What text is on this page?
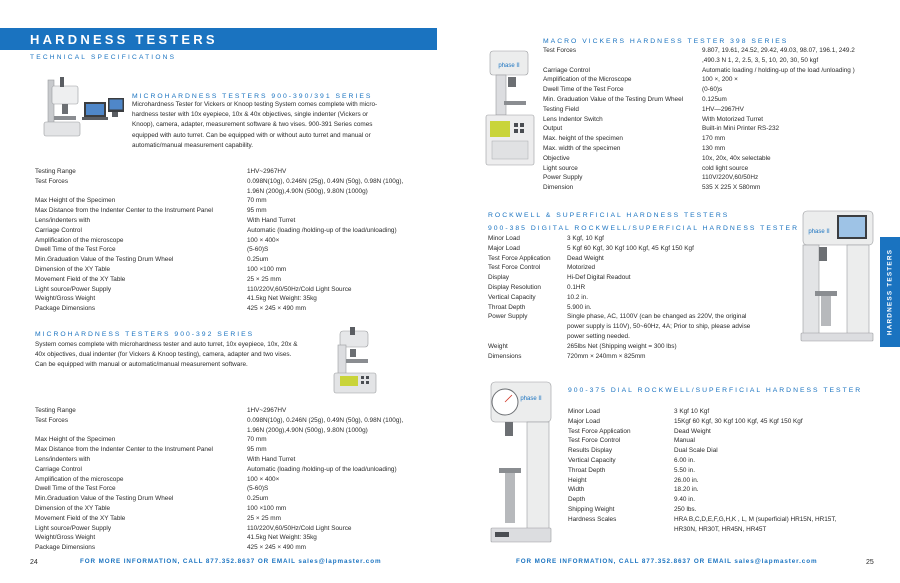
HARDNESS TESTERS
TECHNICAL SPECIFICATIONS
MICROHARDNESS TESTERS 900-390/391 SERIES
Microhardness Tester for Vickers or Knoop testing System comes complete with micro-
hardness tester with 10x eyepiece, 10x & 40x objectives, single indenter (Vickers or
Knoop), camera, adapter, measurement software & two vises. 900-391 Series comes
equipped with auto turret. Can be equipped with or without auto turret and manual or
automatic/manual measurement capability.
Testing Range	1HV~2967HV
Test Forces	0.098N(10g), 0.246N (25g), 0.49N (50g), 0.98N (100g),
1.96N (200g),4.90N (500g), 9.80N (1000g)
Max Height of the Specimen	70 mm
Max Distance from the Indenter Center to the Instrument Panel	95 mm
Lens/indenters with	With Hand Turret
Carriage Control	Automatic (loading /holding-up of the load/unloading)
Amplification of the microscope	100 × 400×
Dwell Time of the Test Force	(5-60)S
Min.Graduation Value of the Testing Drum Wheel	0.25um
Dimension of the XY Table	100 ×100 mm
Movement Field of the XY Table	25 × 25 mm
Light source/Power Supply	110/220V,60/50Hz/Cold Light Source
Weight/Gross Weight	41.5kg Net Weight: 35kg
Package Dimensions	425 × 245 × 490 mm
MICROHARDNESS TESTERS 900-392 SERIES
System comes complete with microhardness tester and auto turret, 10x eyepiece, 10x, 20x &
40x objectives, dual indenter (for Vickers & Knoop testing), camera, adapter and two vises.
Can be equipped with manual or automatic/manual measurement software.
Testing Range	1HV~2967HV
Test Forces	0.098N(10g), 0.246N (25g), 0.49N (50g), 0.98N (100g),
1.96N (200g),4.90N (500g), 9.80N (1000g)
Max Height of the Specimen	70 mm
Max Distance from the Indenter Center to the Instrument Panel	95 mm
Lens/indenters with	With Hand Turret
Carriage Control	Automatic (loading /holding-up of the load/unloading)
Amplification of the microscope	100 × 400×
Dwell Time of the Test Force	(5-60)S
Min.Graduation Value of the Testing Drum Wheel	0.25um
Dimension of the XY Table	100 ×100 mm
Movement Field of the XY Table	25 × 25 mm
Light source/Power Supply	110/220V,60/50Hz/Cold Light Source
Weight/Gross Weight	41.5kg Net Weight: 35kg
Package Dimensions	425 × 245 × 490 mm
24	FOR MORE INFORMATION, CALL 877.352.8637 OR EMAIL sales@lapmaster.com
MACRO VICKERS HARDNESS TESTER 398 SERIES
phase II
Test Forces	9.807, 19.61, 24.52, 29.42, 49.03, 98.07, 196.1, 249.2
,490.3 N 1, 2, 2.5, 3, 5, 10, 20, 30, 50 kgf
Carriage Control	Automatic loading / holding-up of the load /unloading )
Amplification of the Microscope	100 ×, 200 ×
Dwell Time of the Test Force	(0-60)s
Min. Graduation Value of the Testing Drum Wheel	0.125um
Testing Field	1HV—2967HV
Lens Indentor Switch	With Motorized Turret
Output	Built-in Mini Printer RS-232
Max. height of the specimen	170 mm
Max. width of the specimen	130 mm
Objective	10x, 20x, 40x selectable
Light source	cold light source
Power Supply	110V/220V,60/50Hz
Dimension	535 X 225 X 580mm
ROCKWELL & SUPERFICIAL HARDNESS TESTERS
900-385 DIGITAL ROCKWELL/SUPERFICIAL HARDNESS TESTER
Minor Load	3 Kgf, 10 Kgf
Major Load	5 Kgf 60 Kgf, 30 Kgf 100 Kgf, 45 Kgf 150 Kgf
Test Force Application	Dead Weight
Test Force Control	Motorized
Display	Hi-Def Digital Readout
Display Resolution	0.1HR
Vertical Capacity	10.2 in.
Throat Depth	5.900 in.
Power Supply	Single phase, AC, 1100V (can be changed as 220V, the original
power supply is 110V), 50~60Hz, 4A; Prior to ship, please advise
power setting needed.
Weight	265lbs Net (Shipping weight = 300 lbs)
Dimensions	720mm × 240mm × 825mm
phase II
900-375 DIAL ROCKWELL/SUPERFICIAL HARDNESS TESTER
phase II
Minor Load	3 Kgf 10 Kgf
Major Load	15Kgf 60 Kgf, 30 Kgf 100 Kgf, 45 Kgf 150 Kgf
Test Force Application	Dead Weight
Test Force Control	Manual
Results Display	Dual Scale Dial
Vertical Capacity	6.00 in.
Throat Depth	5.50 in.
Height	26.00 in.
Width	18.20 in.
Depth	9.40 in.
Shipping Weight	250 lbs.
Hardness Scales	HRA B,C,D,E,F,G,H,K , L, M (superficial) HR15N, HR15T,
HR30N, HR30T, HR45N, HR45T
FOR MORE INFORMATION, CALL 877.352.8637 OR EMAIL sales@lapmaster.com	25
HARDNESS TESTERS
